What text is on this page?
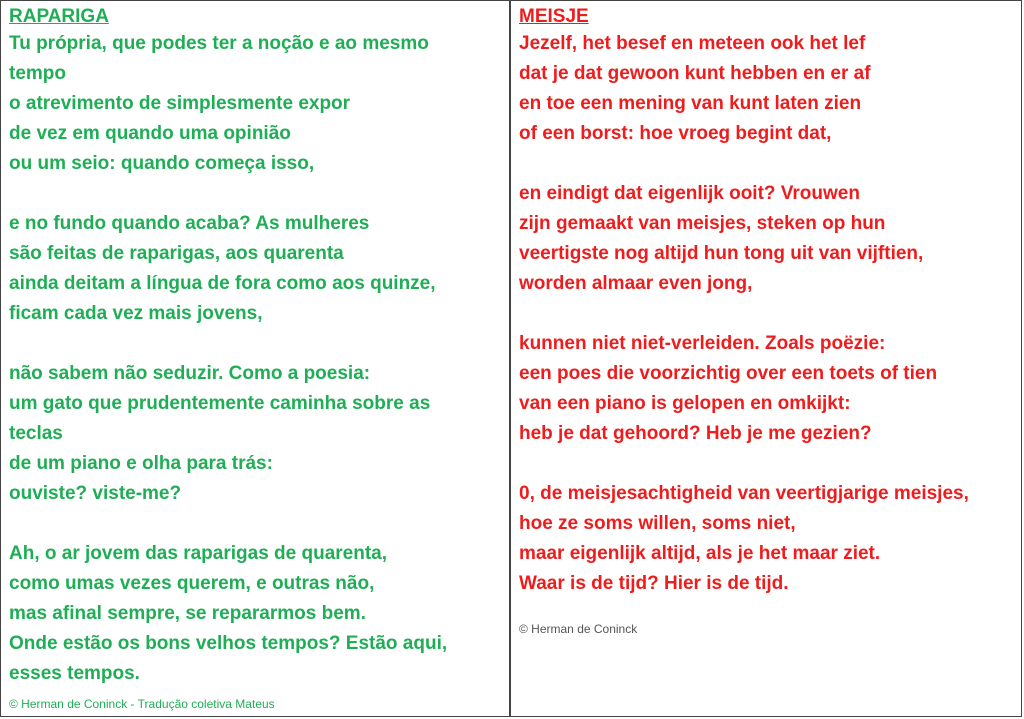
RAPARIGA
Tu própria, que podes ter a noção e ao mesmo
tempo
o atrevimento de simplesmente expor
de vez em quando uma opinião
ou um seio: quando começa isso,
e no fundo quando acaba? As mulheres
são feitas de raparigas, aos quarenta
ainda deitam a língua de fora como aos quinze,
ficam cada vez mais jovens,
não sabem não seduzir. Como a poesia:
um gato que prudentemente caminha sobre as
teclas
de um piano e olha para trás:
ouviste? viste-me?
Ah, o ar jovem das raparigas de quarenta,
como umas vezes querem, e outras não,
mas afinal sempre, se repararmos bem.
Onde estão os bons velhos tempos? Estão aqui,
esses tempos.
© Herman de Coninck - Tradução coletiva Mateus
MEISJE
Jezelf, het besef en meteen ook het lef
dat je dat gewoon kunt hebben en er af
en toe een mening van kunt laten zien
of een borst: hoe vroeg begint dat,
en eindigt dat eigenlijk ooit? Vrouwen
zijn gemaakt van meisjes, steken op hun
veertigste nog altijd hun tong uit van vijftien,
worden almaar even jong,
kunnen niet niet-verleiden. Zoals poëzie:
een poes die voorzichtig over een toets of tien
van een piano is gelopen en omkijkt:
heb je dat gehoord? Heb je me gezien?
0, de meisjesachtigheid van veertigjarige meisjes,
hoe ze soms willen, soms niet,
maar eigenlijk altijd, als je het maar ziet.
Waar is de tijd? Hier is de tijd.
© Herman de Coninck
